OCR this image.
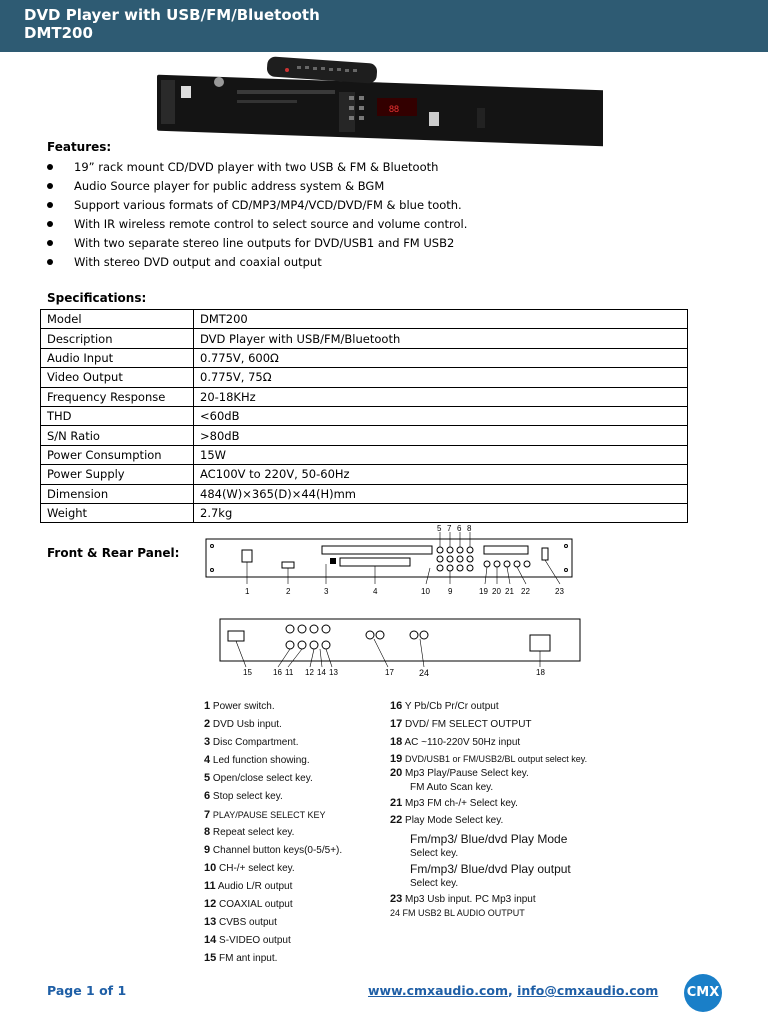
DVD Player with USB/FM/Bluetooth
DMT200
88
Features:
19” rack mount CD/DVD player with two USB & FM & Bluetooth
Audio Source player for public address system & BGM
Support various formats of CD/MP3/MP4/VCD/DVD/FM & blue tooth.
With IR wireless remote control to select source and volume control.
With two separate stereo line outputs for DVD/USB1 and FM USB2
With stereo DVD output and coaxial output
Specifications:
Model	DMT200
Description	DVD Player with USB/FM/Bluetooth
Audio Input	0.775V, 600Ω
Video Output	0.775V, 75Ω
Frequency Response	20-18KHz
THD	<60dB
S/N Ratio	>80dB
Power Consumption	15W
Power Supply	AC100V to 220V, 50-60Hz
Dimension	484(W)×365(D)×44(H)mm
Weight	2.7kg
Front & Rear Panel:
5 7 6 8
1	2	3	4	10 9	19 20 21 22	23
15	16 11 12 14 13	17	24	18
1 Power switch.
2 DVD Usb input.
3 Disc Compartment.
4 Led function showing.
5 Open/close select key.
6 Stop select key.
7 PLAY/PAUSE SELECT KEY
8 Repeat select key.
9 Channel button keys(0-5/5+).
10 CH-/+ select key.
11 Audio L/R output
12 COAXIAL output
13 CVBS output
14 S-VIDEO output
15 FM ant input.
16 Y Pb/Cb Pr/Cr output
17 DVD/ FM SELECT OUTPUT
18 AC ~110-220V 50Hz input
19 DVD/USB1 or FM/USB2/BL output select key.
20 Mp3 Play/Pause Select key.
FM Auto Scan key.
21 Mp3 FM ch-/+ Select key.
22 Play Mode Select key.
Fm/mp3/ Blue/dvd Play Mode
Select key.
Fm/mp3/ Blue/dvd Play output
Select key.
23 Mp3 Usb input. PC Mp3 input
24 FM USB2 BL AUDIO OUTPUT
Page 1 of 1	www.cmxaudio.com, info@cmxaudio.com CMX
